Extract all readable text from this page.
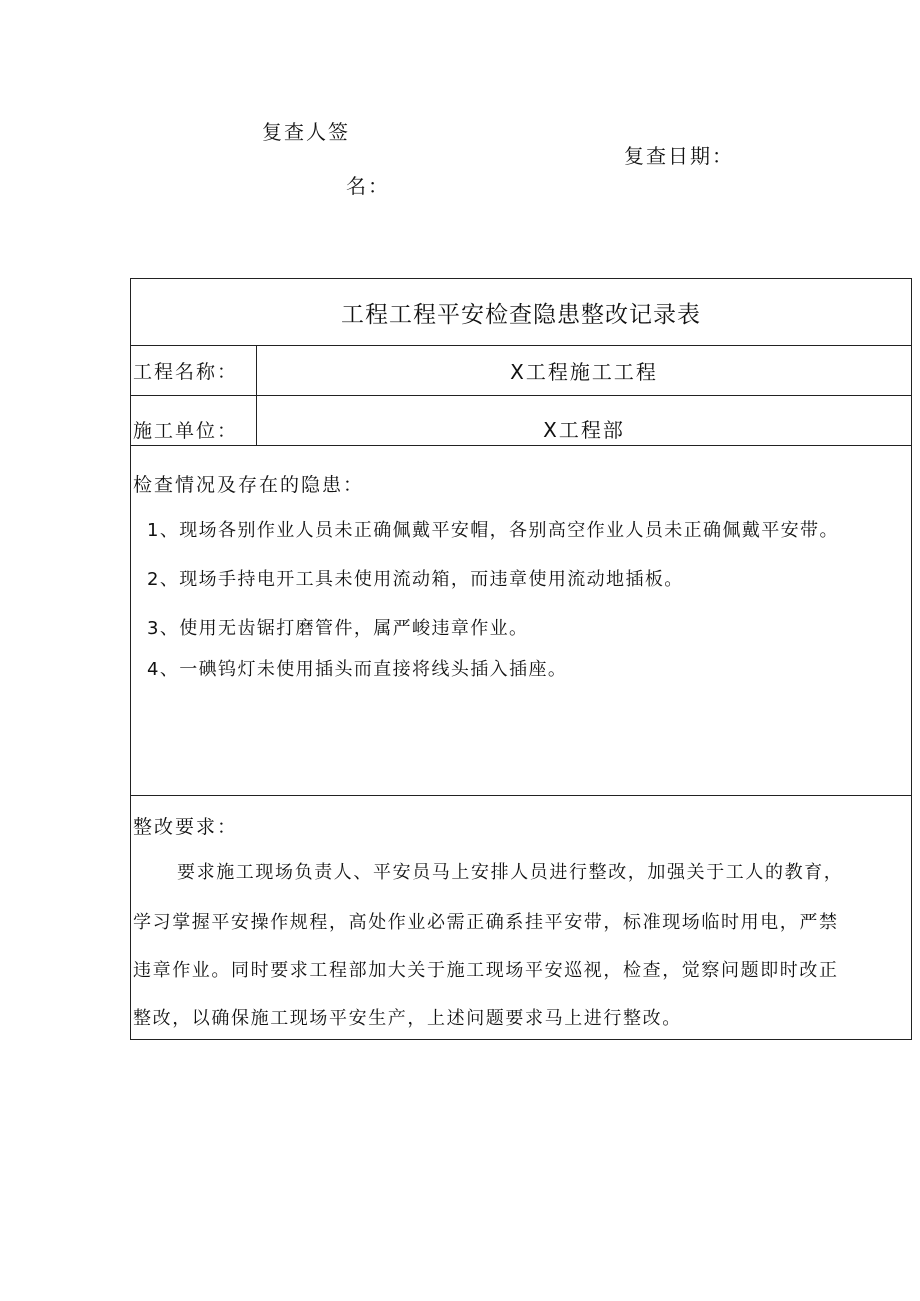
复查人签
名：
复查日期：
工程工程平安检查隐患整改记录表
工程名称：	X工程施工工程
施工单位：	X工程部
检查情况及存在的隐患：
1、现场各别作业人员未正确佩戴平安帽，各别高空作业人员未正确佩戴平安带。
2、现场手持电开工具未使用流动箱，而违章使用流动地插板。
3、使用无齿锯打磨管件，属严峻违章作业。
4、一碘钨灯未使用插头而直接将线头插入插座。
整改要求：
要求施工现场负责人、平安员马上安排人员进行整改，加强关于工人的教育，
学习掌握平安操作规程，高处作业必需正确系挂平安带，标准现场临时用电，严禁
违章作业。同时要求工程部加大关于施工现场平安巡视，检查，觉察问题即时改正
整改，以确保施工现场平安生产，上述问题要求马上进行整改。
